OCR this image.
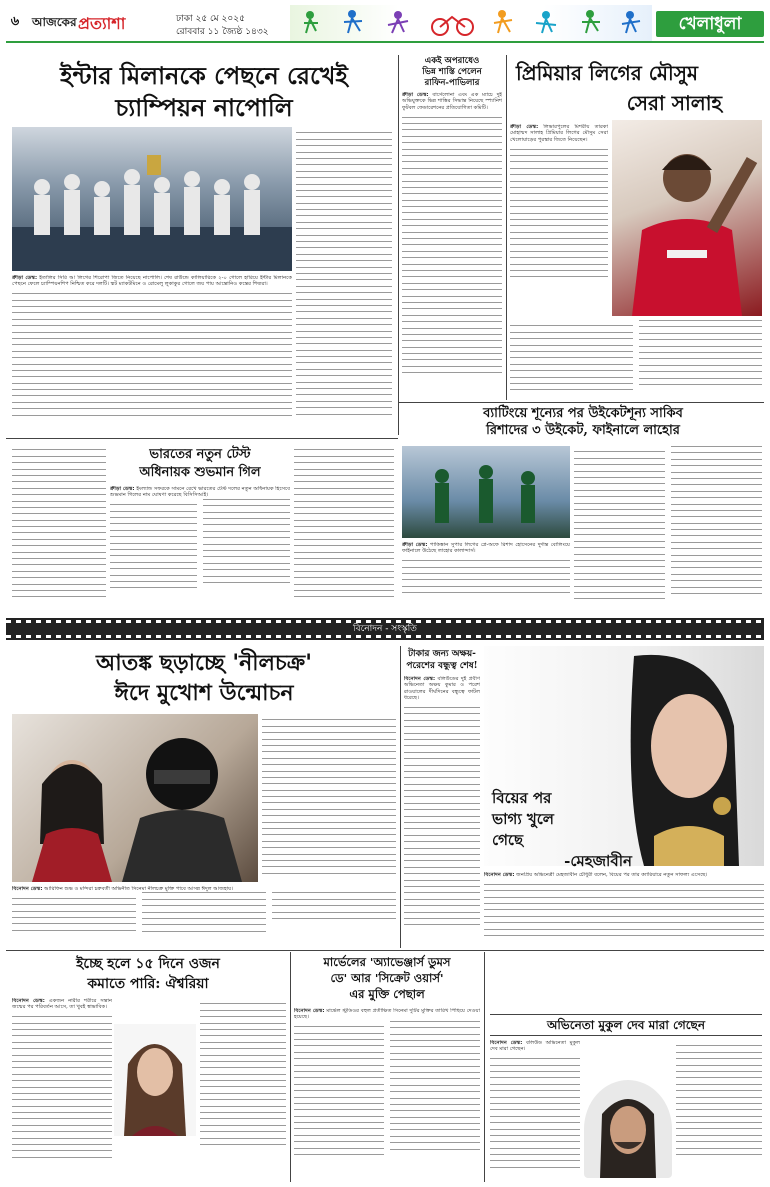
৬	আজকের প্রত্যাশা	ঢাকা ২৫ মে ২০২৫
রোববার ১১ জ্যৈষ্ঠ ১৪৩২	খেলাধুলা
ইন্টার মিলানকে পেছনে রেখেই
চ্যাম্পিয়ন নাপোলি
ক্রীড়া ডেস্ক: ইতালির সিরি আ লিগের শিরোপা জিতে নিয়েছে নাপোলি। শেষ রাউন্ডে কালিয়ারিকে ২-০ গোলে হারিয়ে ইন্টার মিলানকে পেছনে ফেলে চ্যাম্পিয়নশিপ নিশ্চিত করে দলটি। স্কট ম্যাকটমিনে ও রোমেলু লুকাকুর গোলে জয় পায় আন্তোনিও কন্তের শিষ্যরা।
একই অপরাধেও
ভিন্ন শাস্তি পেলেন
রাফিন-পাভিলার
ক্রীড়া ডেস্ক: বার্সেলোনা এবং এক ম্যাচে দুই অভিযুক্তকে ভিন্ন শাস্তির সিদ্ধান্ত নিয়েছে স্প্যানিশ ফুটবল ফেডারেশনের প্রতিযোগিতা কমিটি।
প্রিমিয়ার লিগের মৌসুম
সেরা সালাহ
ক্রীড়া ডেস্ক: লিভারপুলের মিশরীয় তারকা মোহাম্মদ সালাহ প্রিমিয়ার লিগের মৌসুম সেরা খেলোয়াড়ের পুরস্কার জিতে নিয়েছেন।
ব্যাটিংয়ে শূন্যের পর উইকেটশূন্য সাকিব
রিশাদের ৩ উইকেট, ফাইনালে লাহোর
ক্রীড়া ডেস্ক: পাকিস্তান সুপার লিগের প্লে-অফে রিশাদ হোসেনের দুর্দান্ত বোলিংয়ে ফাইনালে উঠেছে লাহোর কালান্দার্স।
ভারতের নতুন টেস্ট
অধিনায়ক শুভমান গিল
ক্রীড়া ডেস্ক: ইংল্যান্ড সফরকে সামনে রেখে ভারতের টেস্ট দলের নতুন অধিনায়ক হিসেবে শুভমান গিলের নাম ঘোষণা করেছে বিসিসিআই।
বিনোদন - সংস্কৃতি
আতঙ্ক ছড়াচ্ছে 'নীলচক্র'
ঈদে মুখোশ উন্মোচন
বিনোদন ডেস্ক: আরিফিন শুভ ও মন্দিরা চক্রবর্তী অভিনীত সিনেমা নীলচক্র মুক্তি পাবে আসন্ন ঈদুল আজহায়।
টাকার জন্য অক্ষয়-
পরেশের বন্ধুত্ব শেষ!
বিনোদন ডেস্ক: বলিউডের দুই প্রবীণ অভিনেতা অক্ষয় কুমার ও পরেশ রাওয়ালের দীর্ঘদিনের বন্ধুত্বে ফাটল ধরেছে।
বিয়ের পর
ভাগ্য খুলে
গেছে
-মেহজাবীন
বিনোদন ডেস্ক: জনপ্রিয় অভিনেত্রী মেহজাবীন চৌধুরী বলেন, বিয়ের পর তার ক্যারিয়ারে নতুন সাফল্য এসেছে।
ইচ্ছে হলে ১৫ দিনে ওজন
কমাতে পারি: ঐশ্বরিয়া
বিনোদন ডেস্ক: একজন নারীর শরীরে সন্তান জন্মের পর পরিবর্তন আসে, তা খুবই স্বাভাবিক।
মার্ভেলের 'অ্যাভেঞ্জার্স ডুমস
ডে' আর 'সিক্রেট ওয়ার্স'
এর মুক্তি পেছাল
বিনোদন ডেস্ক: মার্ভেল স্টুডিওর বহুল প্রতীক্ষিত সিনেমা দুটির মুক্তির তারিখ পিছিয়ে দেওয়া হয়েছে।
অভিনেতা মুকুল দেব মারা গেছেন
বিনোদন ডেস্ক: বলিউড অভিনেতা মুকুল দেব মারা গেছেন।
